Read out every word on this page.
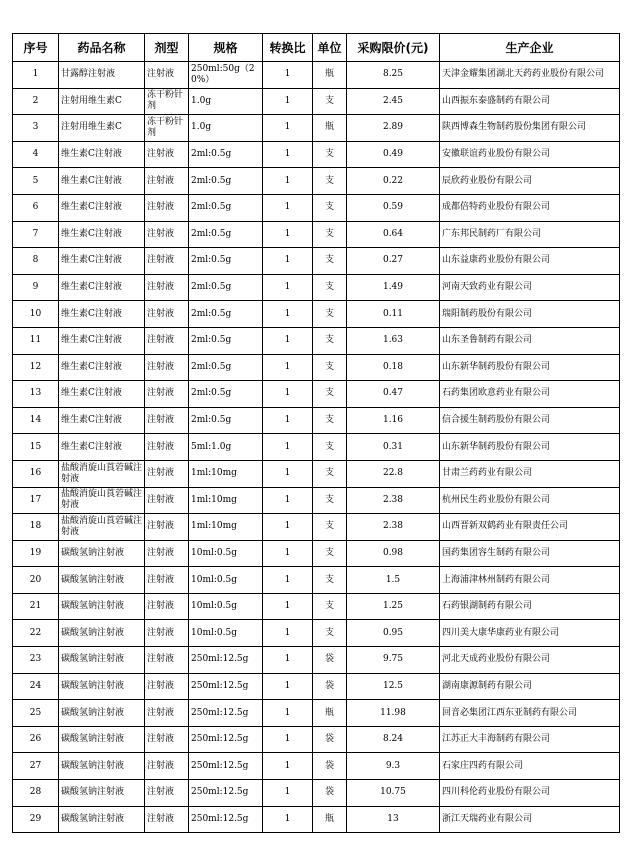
序号	药品名称	剂型	规格	转换比	单位	采购限价(元)	生产企业
1	甘露醇注射液	注射液	250ml:50g（20%）	1	瓶	8.25	天津金耀集团湖北天药药业股份有限公司
2	注射用维生素C	冻干粉针剂	1.0g	1	支	2.45	山西振东泰盛制药有限公司
3	注射用维生素C	冻干粉针剂	1.0g	1	瓶	2.89	陕西博森生物制药股份集团有限公司
4	维生素C注射液	注射液	2ml:0.5g	1	支	0.49	安徽联谊药业股份有限公司
5	维生素C注射液	注射液	2ml:0.5g	1	支	0.22	辰欣药业股份有限公司
6	维生素C注射液	注射液	2ml:0.5g	1	支	0.59	成都倍特药业股份有限公司
7	维生素C注射液	注射液	2ml:0.5g	1	支	0.64	广东邦民制药厂有限公司
8	维生素C注射液	注射液	2ml:0.5g	1	支	0.27	山东益康药业股份有限公司
9	维生素C注射液	注射液	2ml:0.5g	1	支	1.49	河南天致药业有限公司
10	维生素C注射液	注射液	2ml:0.5g	1	支	0.11	瑞阳制药股份有限公司
11	维生素C注射液	注射液	2ml:0.5g	1	支	1.63	山东圣鲁制药有限公司
12	维生素C注射液	注射液	2ml:0.5g	1	支	0.18	山东新华制药股份有限公司
13	维生素C注射液	注射液	2ml:0.5g	1	支	0.47	石药集团欧意药业有限公司
14	维生素C注射液	注射液	2ml:0.5g	1	支	1.16	信合援生制药股份有限公司
15	维生素C注射液	注射液	5ml:1.0g	1	支	0.31	山东新华制药股份有限公司
16	盐酸消旋山莨菪碱注射液	注射液	1ml:10mg	1	支	22.8	甘肃兰药药业有限公司
17	盐酸消旋山莨菪碱注射液	注射液	1ml:10mg	1	支	2.38	杭州民生药业股份有限公司
18	盐酸消旋山莨菪碱注射液	注射液	1ml:10mg	1	支	2.38	山西晋新双鹤药业有限责任公司
19	碳酸氢钠注射液	注射液	10ml:0.5g	1	支	0.98	国药集团容生制药有限公司
20	碳酸氢钠注射液	注射液	10ml:0.5g	1	支	1.5	上海浦津林州制药有限公司
21	碳酸氢钠注射液	注射液	10ml:0.5g	1	支	1.25	石药银湖制药有限公司
22	碳酸氢钠注射液	注射液	10ml:0.5g	1	支	0.95	四川美大康华康药业有限公司
23	碳酸氢钠注射液	注射液	250ml:12.5g	1	袋	9.75	河北天成药业股份有限公司
24	碳酸氢钠注射液	注射液	250ml:12.5g	1	袋	12.5	湖南康源制药有限公司
25	碳酸氢钠注射液	注射液	250ml:12.5g	1	瓶	11.98	回音必集团江西东亚制药有限公司
26	碳酸氢钠注射液	注射液	250ml:12.5g	1	袋	8.24	江苏正大丰海制药有限公司
27	碳酸氢钠注射液	注射液	250ml:12.5g	1	袋	9.3	石家庄四药有限公司
28	碳酸氢钠注射液	注射液	250ml:12.5g	1	袋	10.75	四川科伦药业股份有限公司
29	碳酸氢钠注射液	注射液	250ml:12.5g	1	瓶	13	浙江天瑞药业有限公司
